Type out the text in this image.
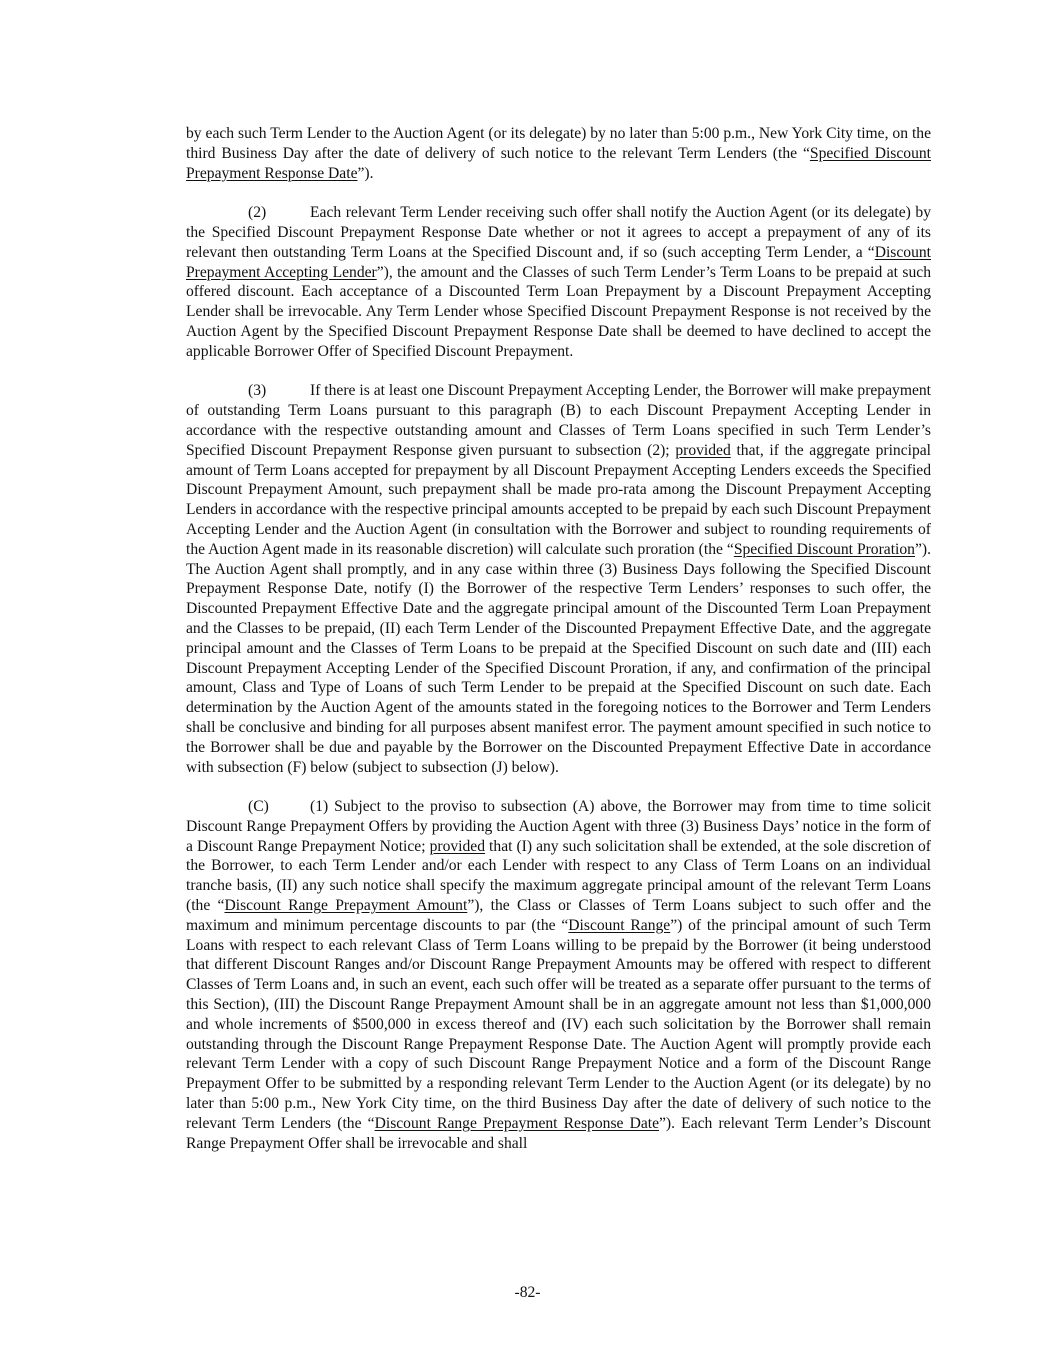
by each such Term Lender to the Auction Agent (or its delegate) by no later than 5:00 p.m., New York City time, on the third Business Day after the date of delivery of such notice to the relevant Term Lenders (the “Specified Discount Prepayment Response Date”).

(2)	Each relevant Term Lender receiving such offer shall notify the Auction Agent (or its delegate) by the Specified Discount Prepayment Response Date whether or not it agrees to accept a prepayment of any of its relevant then outstanding Term Loans at the Specified Discount and, if so (such accepting Term Lender, a “Discount Prepayment Accepting Lender”), the amount and the Classes of such Term Lender’s Term Loans to be prepaid at such offered discount. Each acceptance of a Discounted Term Loan Prepayment by a Discount Prepayment Accepting Lender shall be irrevocable. Any Term Lender whose Specified Discount Prepayment Response is not received by the Auction Agent by the Specified Discount Prepayment Response Date shall be deemed to have declined to accept the applicable Borrower Offer of Specified Discount Prepayment.

(3)	If there is at least one Discount Prepayment Accepting Lender, the Borrower will make prepayment of outstanding Term Loans pursuant to this paragraph (B) to each Discount Prepayment Accepting Lender in accordance with the respective outstanding amount and Classes of Term Loans specified in such Term Lender’s Specified Discount Prepayment Response given pursuant to subsection (2); provided that, if the aggregate principal amount of Term Loans accepted for prepayment by all Discount Prepayment Accepting Lenders exceeds the Specified Discount Prepayment Amount, such prepayment shall be made pro-rata among the Discount Prepayment Accepting Lenders in accordance with the respective principal amounts accepted to be prepaid by each such Discount Prepayment Accepting Lender and the Auction Agent (in consultation with the Borrower and subject to rounding requirements of the Auction Agent made in its reasonable discretion) will calculate such proration (the “Specified Discount Proration”). The Auction Agent shall promptly, and in any case within three (3) Business Days following the Specified Discount Prepayment Response Date, notify (I) the Borrower of the respective Term Lenders’ responses to such offer, the Discounted Prepayment Effective Date and the aggregate principal amount of the Discounted Term Loan Prepayment and the Classes to be prepaid, (II) each Term Lender of the Discounted Prepayment Effective Date, and the aggregate principal amount and the Classes of Term Loans to be prepaid at the Specified Discount on such date and (III) each Discount Prepayment Accepting Lender of the Specified Discount Proration, if any, and confirmation of the principal amount, Class and Type of Loans of such Term Lender to be prepaid at the Specified Discount on such date. Each determination by the Auction Agent of the amounts stated in the foregoing notices to the Borrower and Term Lenders shall be conclusive and binding for all purposes absent manifest error. The payment amount specified in such notice to the Borrower shall be due and payable by the Borrower on the Discounted Prepayment Effective Date in accordance with subsection (F) below (subject to subsection (J) below).

(C)	(1) Subject to the proviso to subsection (A) above, the Borrower may from time to time solicit Discount Range Prepayment Offers by providing the Auction Agent with three (3) Business Days’ notice in the form of a Discount Range Prepayment Notice; provided that (I) any such solicitation shall be extended, at the sole discretion of the Borrower, to each Term Lender and/or each Lender with respect to any Class of Term Loans on an individual tranche basis, (II) any such notice shall specify the maximum aggregate principal amount of the relevant Term Loans (the “Discount Range Prepayment Amount”), the Class or Classes of Term Loans subject to such offer and the maximum and minimum percentage discounts to par (the “Discount Range”) of the principal amount of such Term Loans with respect to each relevant Class of Term Loans willing to be prepaid by the Borrower (it being understood that different Discount Ranges and/or Discount Range Prepayment Amounts may be offered with respect to different Classes of Term Loans and, in such an event, each such offer will be treated as a separate offer pursuant to the terms of this Section), (III) the Discount Range Prepayment Amount shall be in an aggregate amount not less than $1,000,000 and whole increments of $500,000 in excess thereof and (IV) each such solicitation by the Borrower shall remain outstanding through the Discount Range Prepayment Response Date. The Auction Agent will promptly provide each relevant Term Lender with a copy of such Discount Range Prepayment Notice and a form of the Discount Range Prepayment Offer to be submitted by a responding relevant Term Lender to the Auction Agent (or its delegate) by no later than 5:00 p.m., New York City time, on the third Business Day after the date of delivery of such notice to the relevant Term Lenders (the “Discount Range Prepayment Response Date”). Each relevant Term Lender’s Discount Range Prepayment Offer shall be irrevocable and shall

-82-
